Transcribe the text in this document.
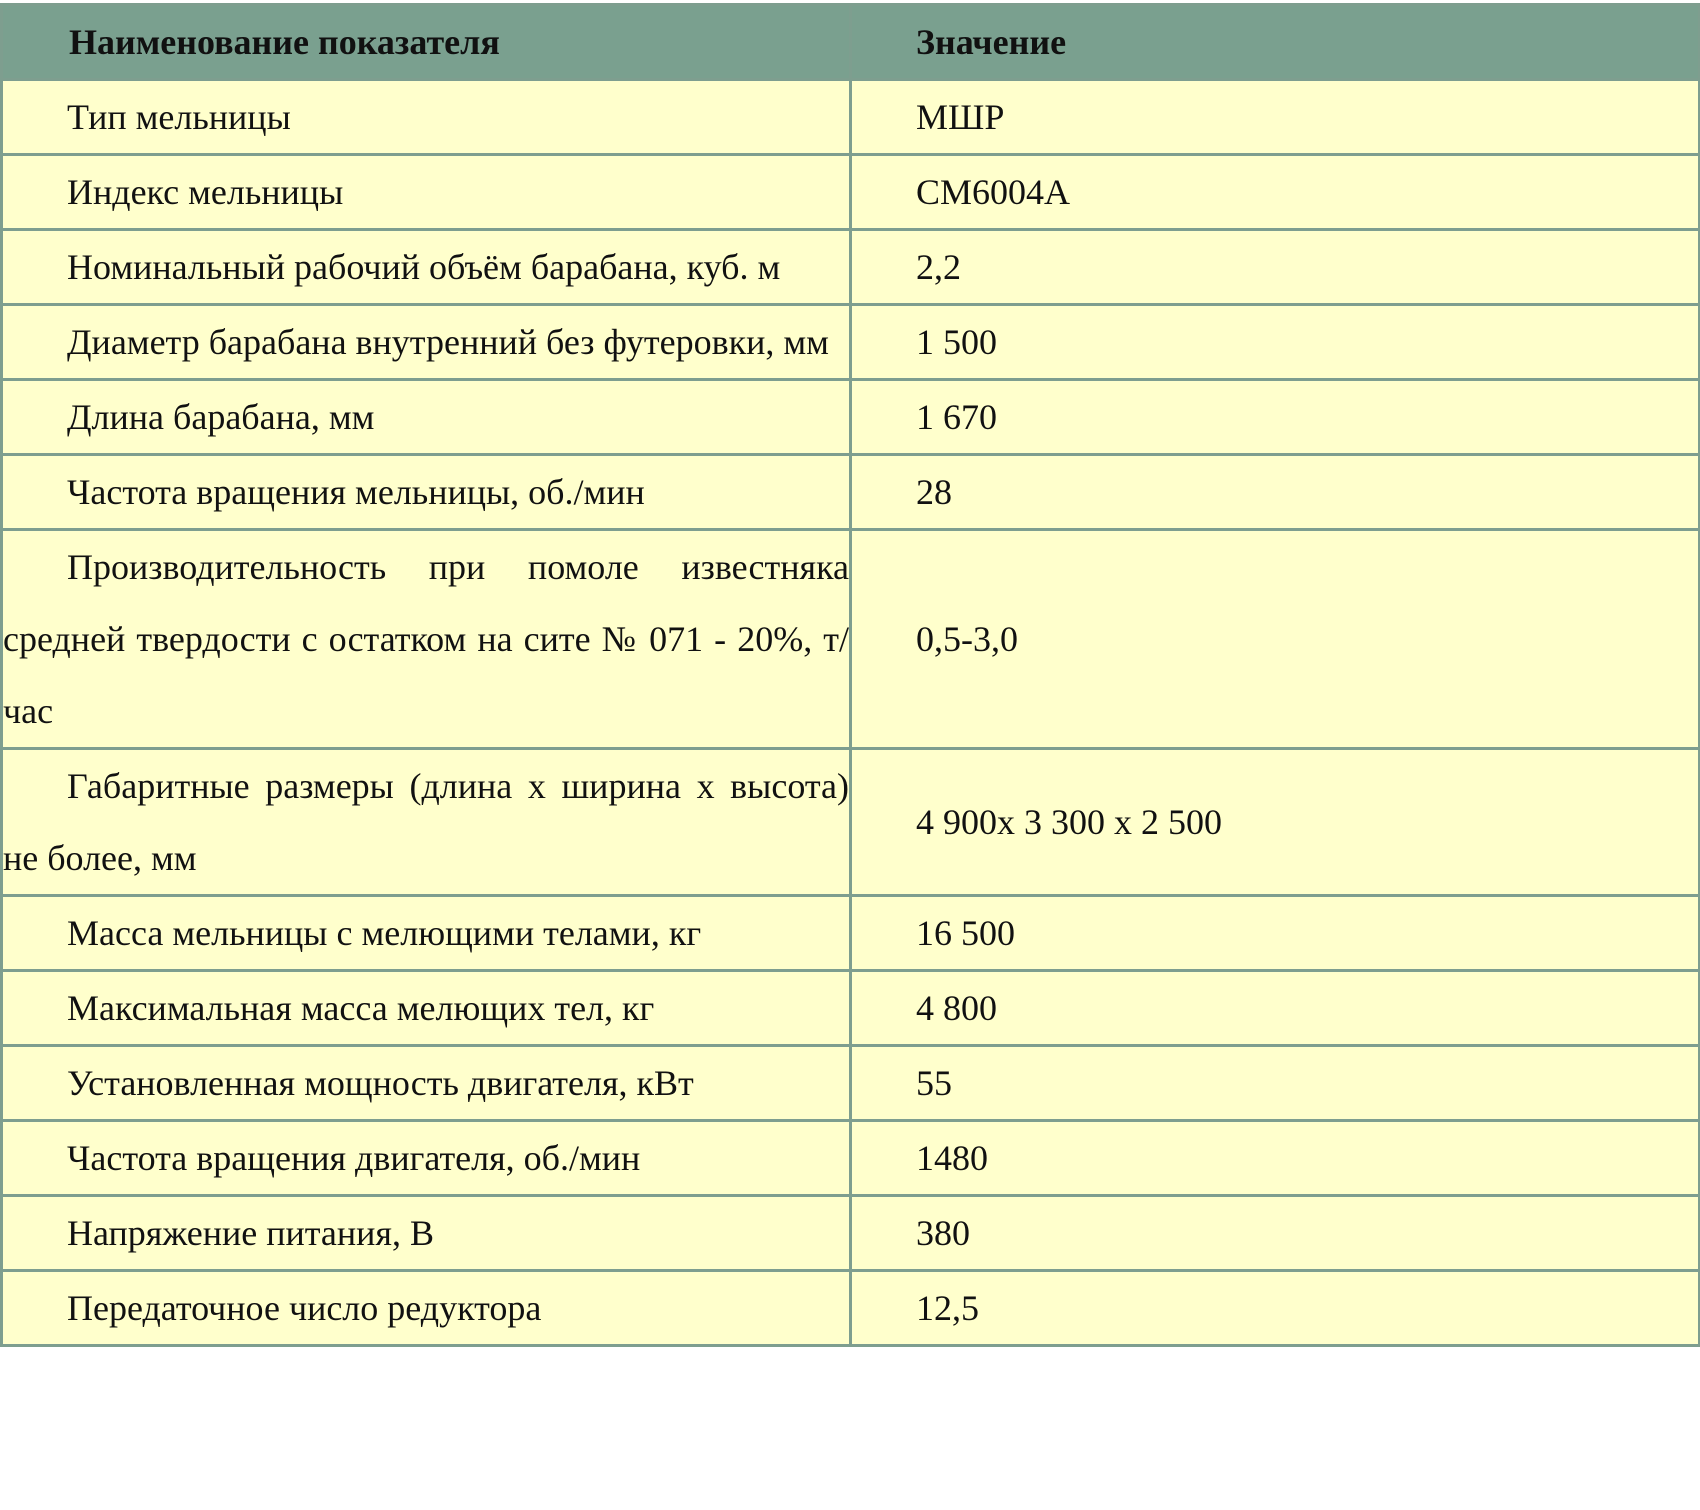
Наименование показателя	Значение
Тип мельницы	МШР
Индекс мельницы	СМ6004А
Номинальный рабочий объём барабана, куб. м	2,2
Диаметр барабана внутренний без футеровки, мм	1 500
Длина барабана, мм	1 670
Частота вращения мельницы, об./мин	28
Производительность при помоле известняка средней твердости с остатком на сите № 071 - 20%, т/час	0,5-3,0
Габаритные размеры (длина х ширина х высота) не более, мм	4 900х 3 300 х 2 500
Масса мельницы с мелющими телами, кг	16 500
Максимальная масса мелющих тел, кг	4 800
Установленная мощность двигателя, кВт	55
Частота вращения двигателя, об./мин	1480
Напряжение питания, В	380
Передаточное число редуктора	12,5
